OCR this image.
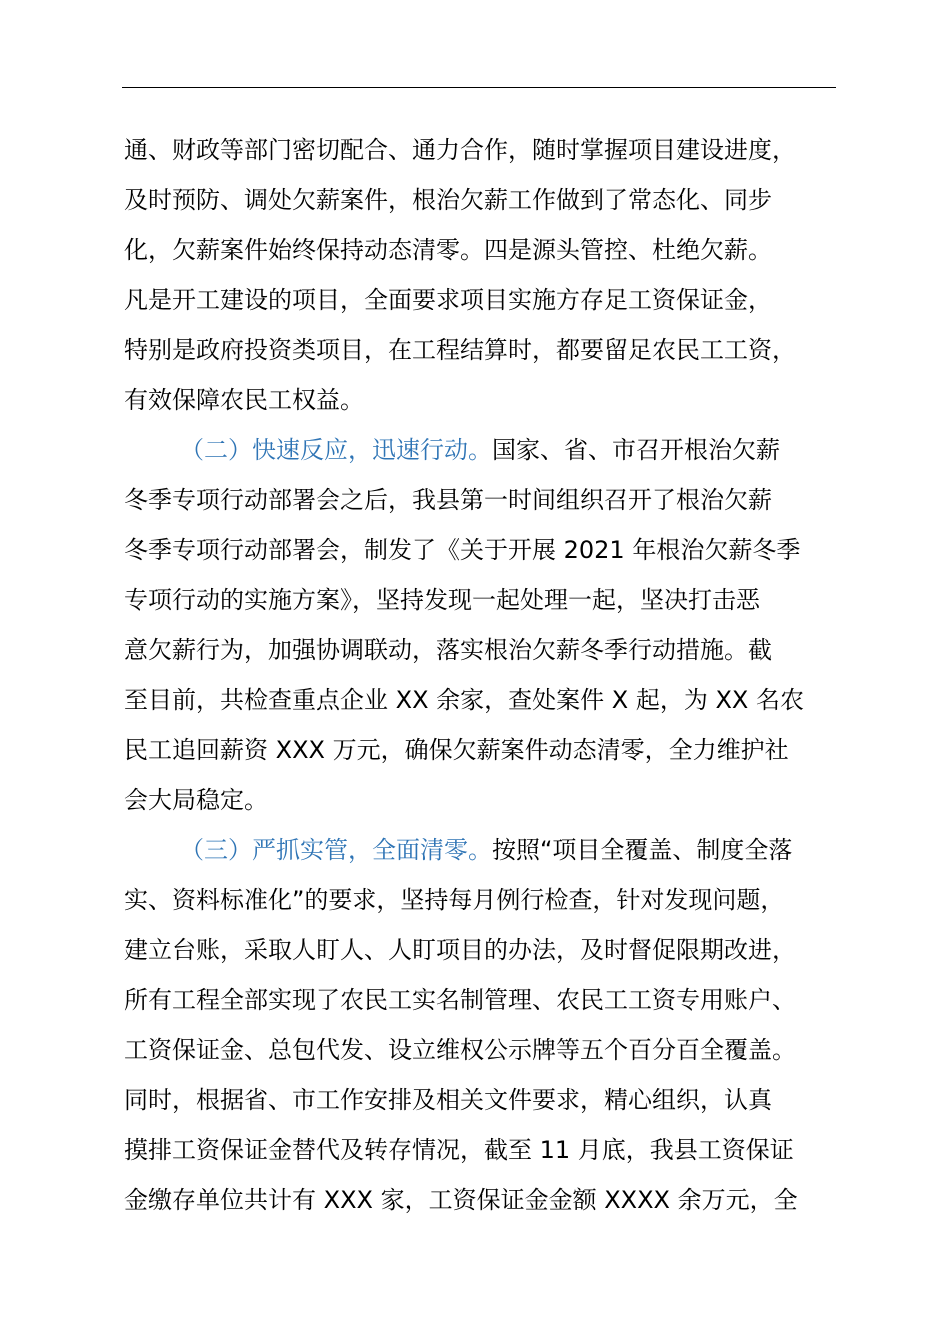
通、财政等部门密切配合、通力合作，随时掌握项目建设进度，
及时预防、调处欠薪案件，根治欠薪工作做到了常态化、同步
化，欠薪案件始终保持动态清零。四是源头管控、杜绝欠薪。
凡是开工建设的项目，全面要求项目实施方存足工资保证金，
特别是政府投资类项目，在工程结算时，都要留足农民工工资，
有效保障农民工权益。
（二）快速反应，迅速行动。国家、省、市召开根治欠薪
冬季专项行动部署会之后，我县第一时间组织召开了根治欠薪
冬季专项行动部署会，制发了《关于开展 2021 年根治欠薪冬季
专项行动的实施方案》，坚持发现一起处理一起，坚决打击恶
意欠薪行为，加强协调联动，落实根治欠薪冬季行动措施。截
至目前，共检查重点企业 XX 余家，查处案件 X 起，为 XX 名农
民工追回薪资 XXX 万元，确保欠薪案件动态清零，全力维护社
会大局稳定。
（三）严抓实管，全面清零。按照“项目全覆盖、制度全落
实、资料标准化”的要求，坚持每月例行检查，针对发现问题，
建立台账，采取人盯人、人盯项目的办法，及时督促限期改进，
所有工程全部实现了农民工实名制管理、农民工工资专用账户、
工资保证金、总包代发、设立维权公示牌等五个百分百全覆盖。
同时，根据省、市工作安排及相关文件要求，精心组织，认真
摸排工资保证金替代及转存情况，截至 11 月底，我县工资保证
金缴存单位共计有 XXX 家，工资保证金金额 XXXX 余万元，全
